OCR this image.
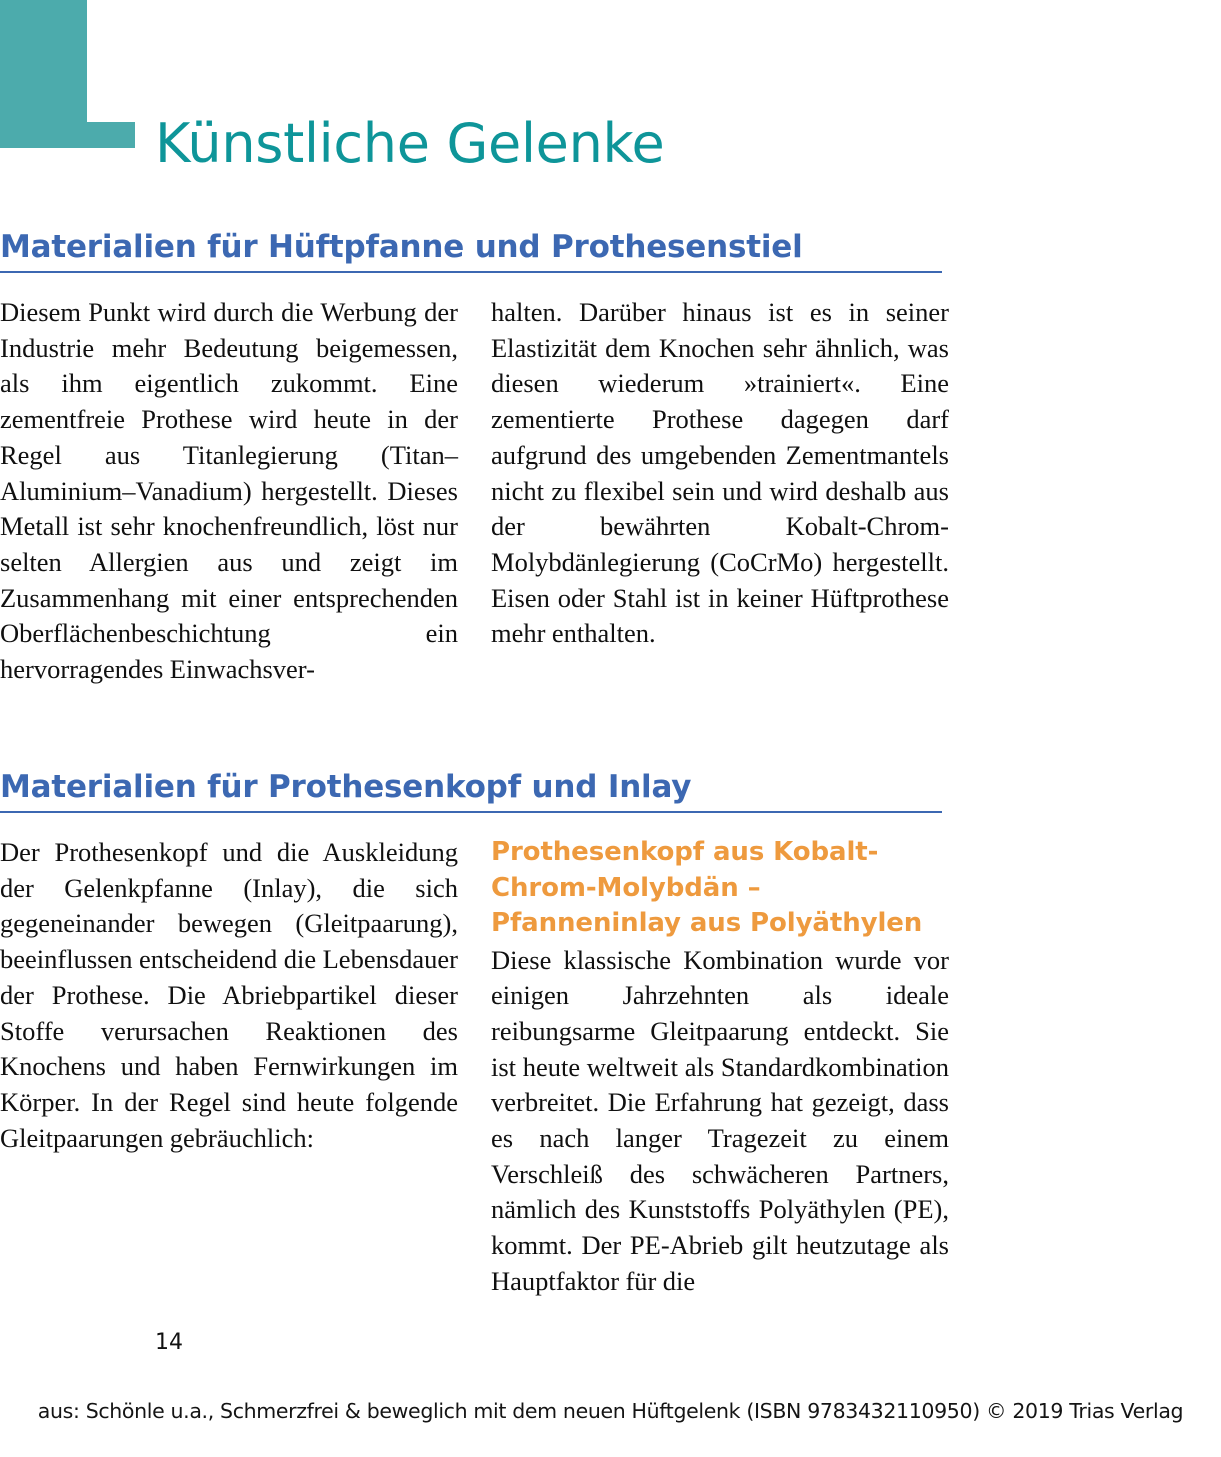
Künstliche Gelenke
Materialien für Hüftpfanne und Prothesenstiel

Diesem Punkt wird durch die Werbung der Industrie mehr Bedeutung beigemessen, als ihm eigentlich zukommt. Eine zementfreie Prothese wird heute in der Regel aus Titanlegierung (Titan–Aluminium–Vanadium) hergestellt. Dieses Metall ist sehr knochenfreundlich, löst nur selten Allergien aus und zeigt im Zusammenhang mit einer entsprechenden Oberflächenbeschichtung ein hervorragendes Einwachsver-

halten. Darüber hinaus ist es in seiner Elastizität dem Knochen sehr ähnlich, was diesen wiederum »trainiert«. Eine zementierte Prothese dagegen darf aufgrund des umgebenden Zementmantels nicht zu flexibel sein und wird deshalb aus der bewährten Kobalt-Chrom-Molybdänlegierung (CoCrMo) hergestellt. Eisen oder Stahl ist in keiner Hüftprothese mehr enthalten.

Materialien für Prothesenkopf und Inlay

Der Prothesenkopf und die Auskleidung der Gelenkpfanne (Inlay), die sich gegeneinander bewegen (Gleitpaarung), beeinflussen entscheidend die Lebensdauer der Prothese. Die Abriebpartikel dieser Stoffe verursachen Reaktionen des Knochens und haben Fernwirkungen im Körper. In der Regel sind heute folgende Gleitpaarungen gebräuchlich:

Prothesenkopf aus Kobalt-Chrom-Molybdän – Pfanneninlay aus Polyäthylen

Diese klassische Kombination wurde vor einigen Jahrzehnten als ideale reibungsarme Gleitpaarung entdeckt. Sie ist heute weltweit als Standardkombination verbreitet. Die Erfahrung hat gezeigt, dass es nach langer Tragezeit zu einem Verschleiß des schwächeren Partners, nämlich des Kunststoffs Polyäthylen (PE), kommt. Der PE-Abrieb gilt heutzutage als Hauptfaktor für die

14
aus: Schönle u.a., Schmerzfrei & beweglich mit dem neuen Hüftgelenk (ISBN 9783432110950) © 2019 Trias Verlag
